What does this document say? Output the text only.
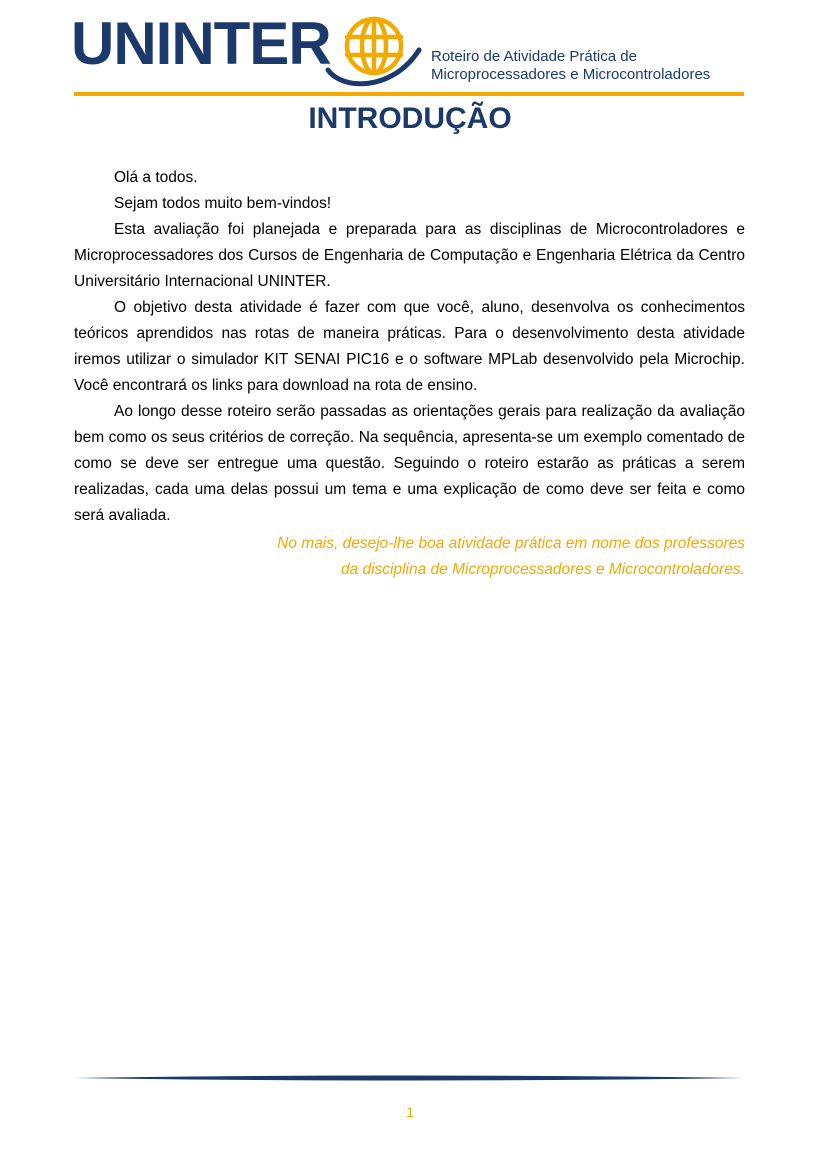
UNINTER	Roteiro de Atividade Prática de
Microprocessadores e Microcontroladores
INTRODUÇÃO

Olá a todos.

Sejam todos muito bem-vindos!

Esta avaliação foi planejada e preparada para as disciplinas de Microcontroladores e Microprocessadores dos Cursos de Engenharia de Computação e Engenharia Elétrica da Centro Universitário Internacional UNINTER.

O objetivo desta atividade é fazer com que você, aluno, desenvolva os conhecimentos teóricos aprendidos nas rotas de maneira práticas. Para o desenvolvimento desta atividade iremos utilizar o simulador KIT SENAI PIC16 e o software MPLab desenvolvido pela Microchip. Você encontrará os links para download na rota de ensino.

Ao longo desse roteiro serão passadas as orientações gerais para realização da avaliação bem como os seus critérios de correção. Na sequência, apresenta-se um exemplo comentado de como se deve ser entregue uma questão. Seguindo o roteiro estarão as práticas a serem realizadas, cada uma delas possui um tema e uma explicação de como deve ser feita e como será avaliada.

No mais, desejo-lhe boa atividade prática em nome dos professores
da disciplina de Microprocessadores e Microcontroladores.
1
